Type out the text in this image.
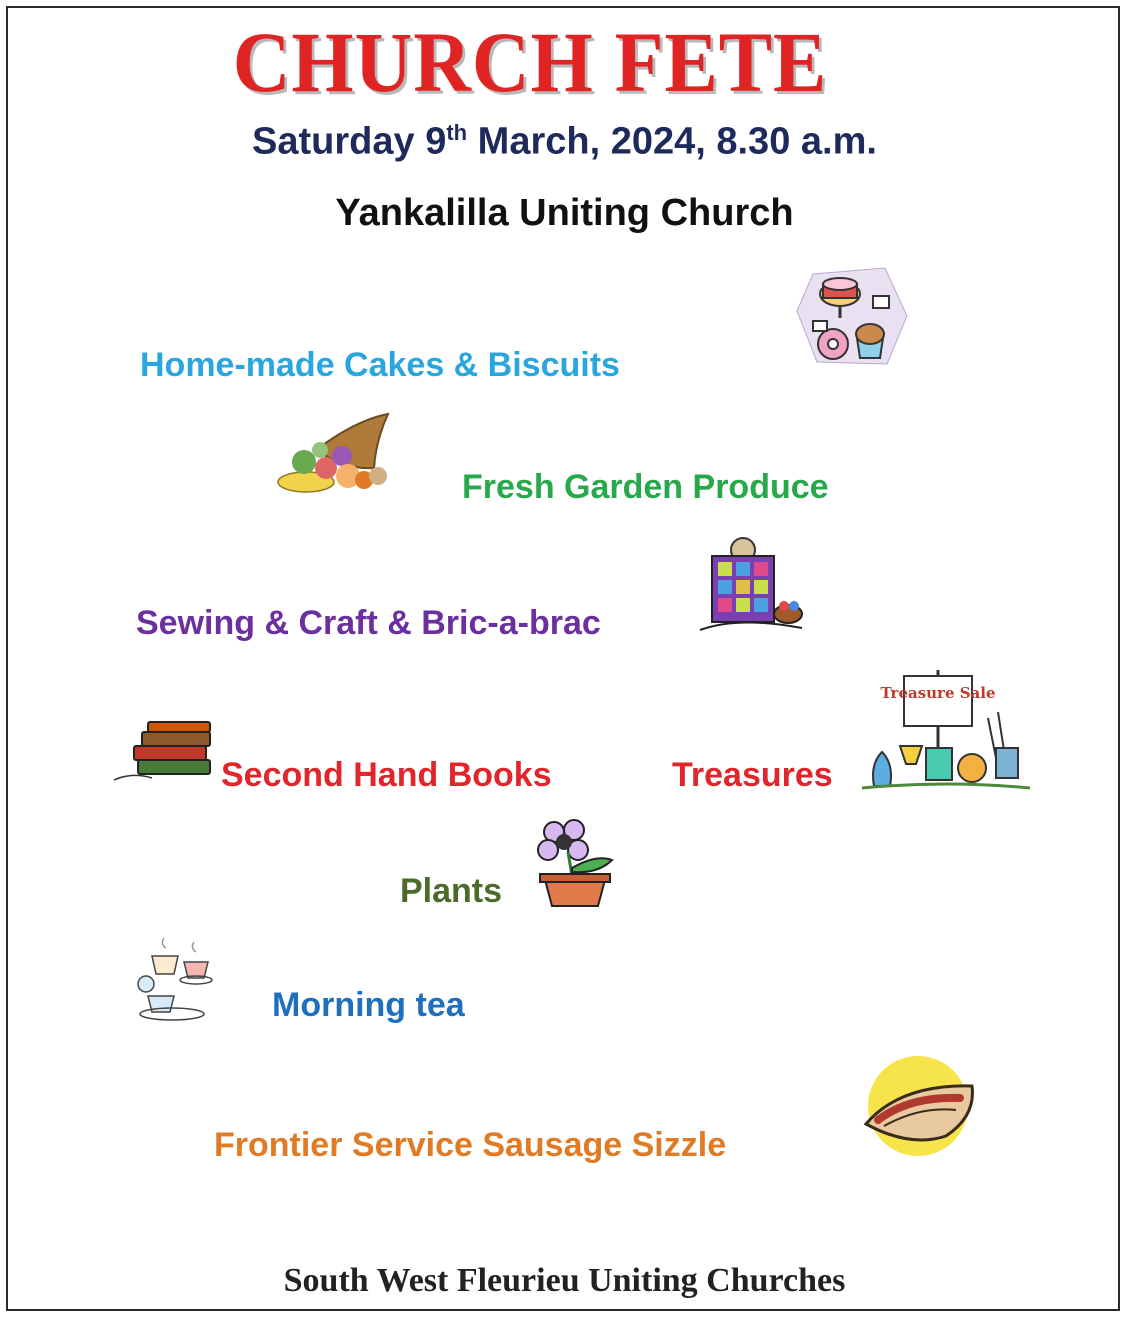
CHURCH FETE
Saturday 9th March, 2024, 8.30 a.m.
Yankalilla Uniting Church
Home-made Cakes & Biscuits
Fresh Garden Produce
Sewing & Craft & Bric-a-brac
Second Hand Books	Treasures
Treasure Sale
Plants
Morning tea
Frontier Service Sausage Sizzle
South West Fleurieu Uniting Churches
